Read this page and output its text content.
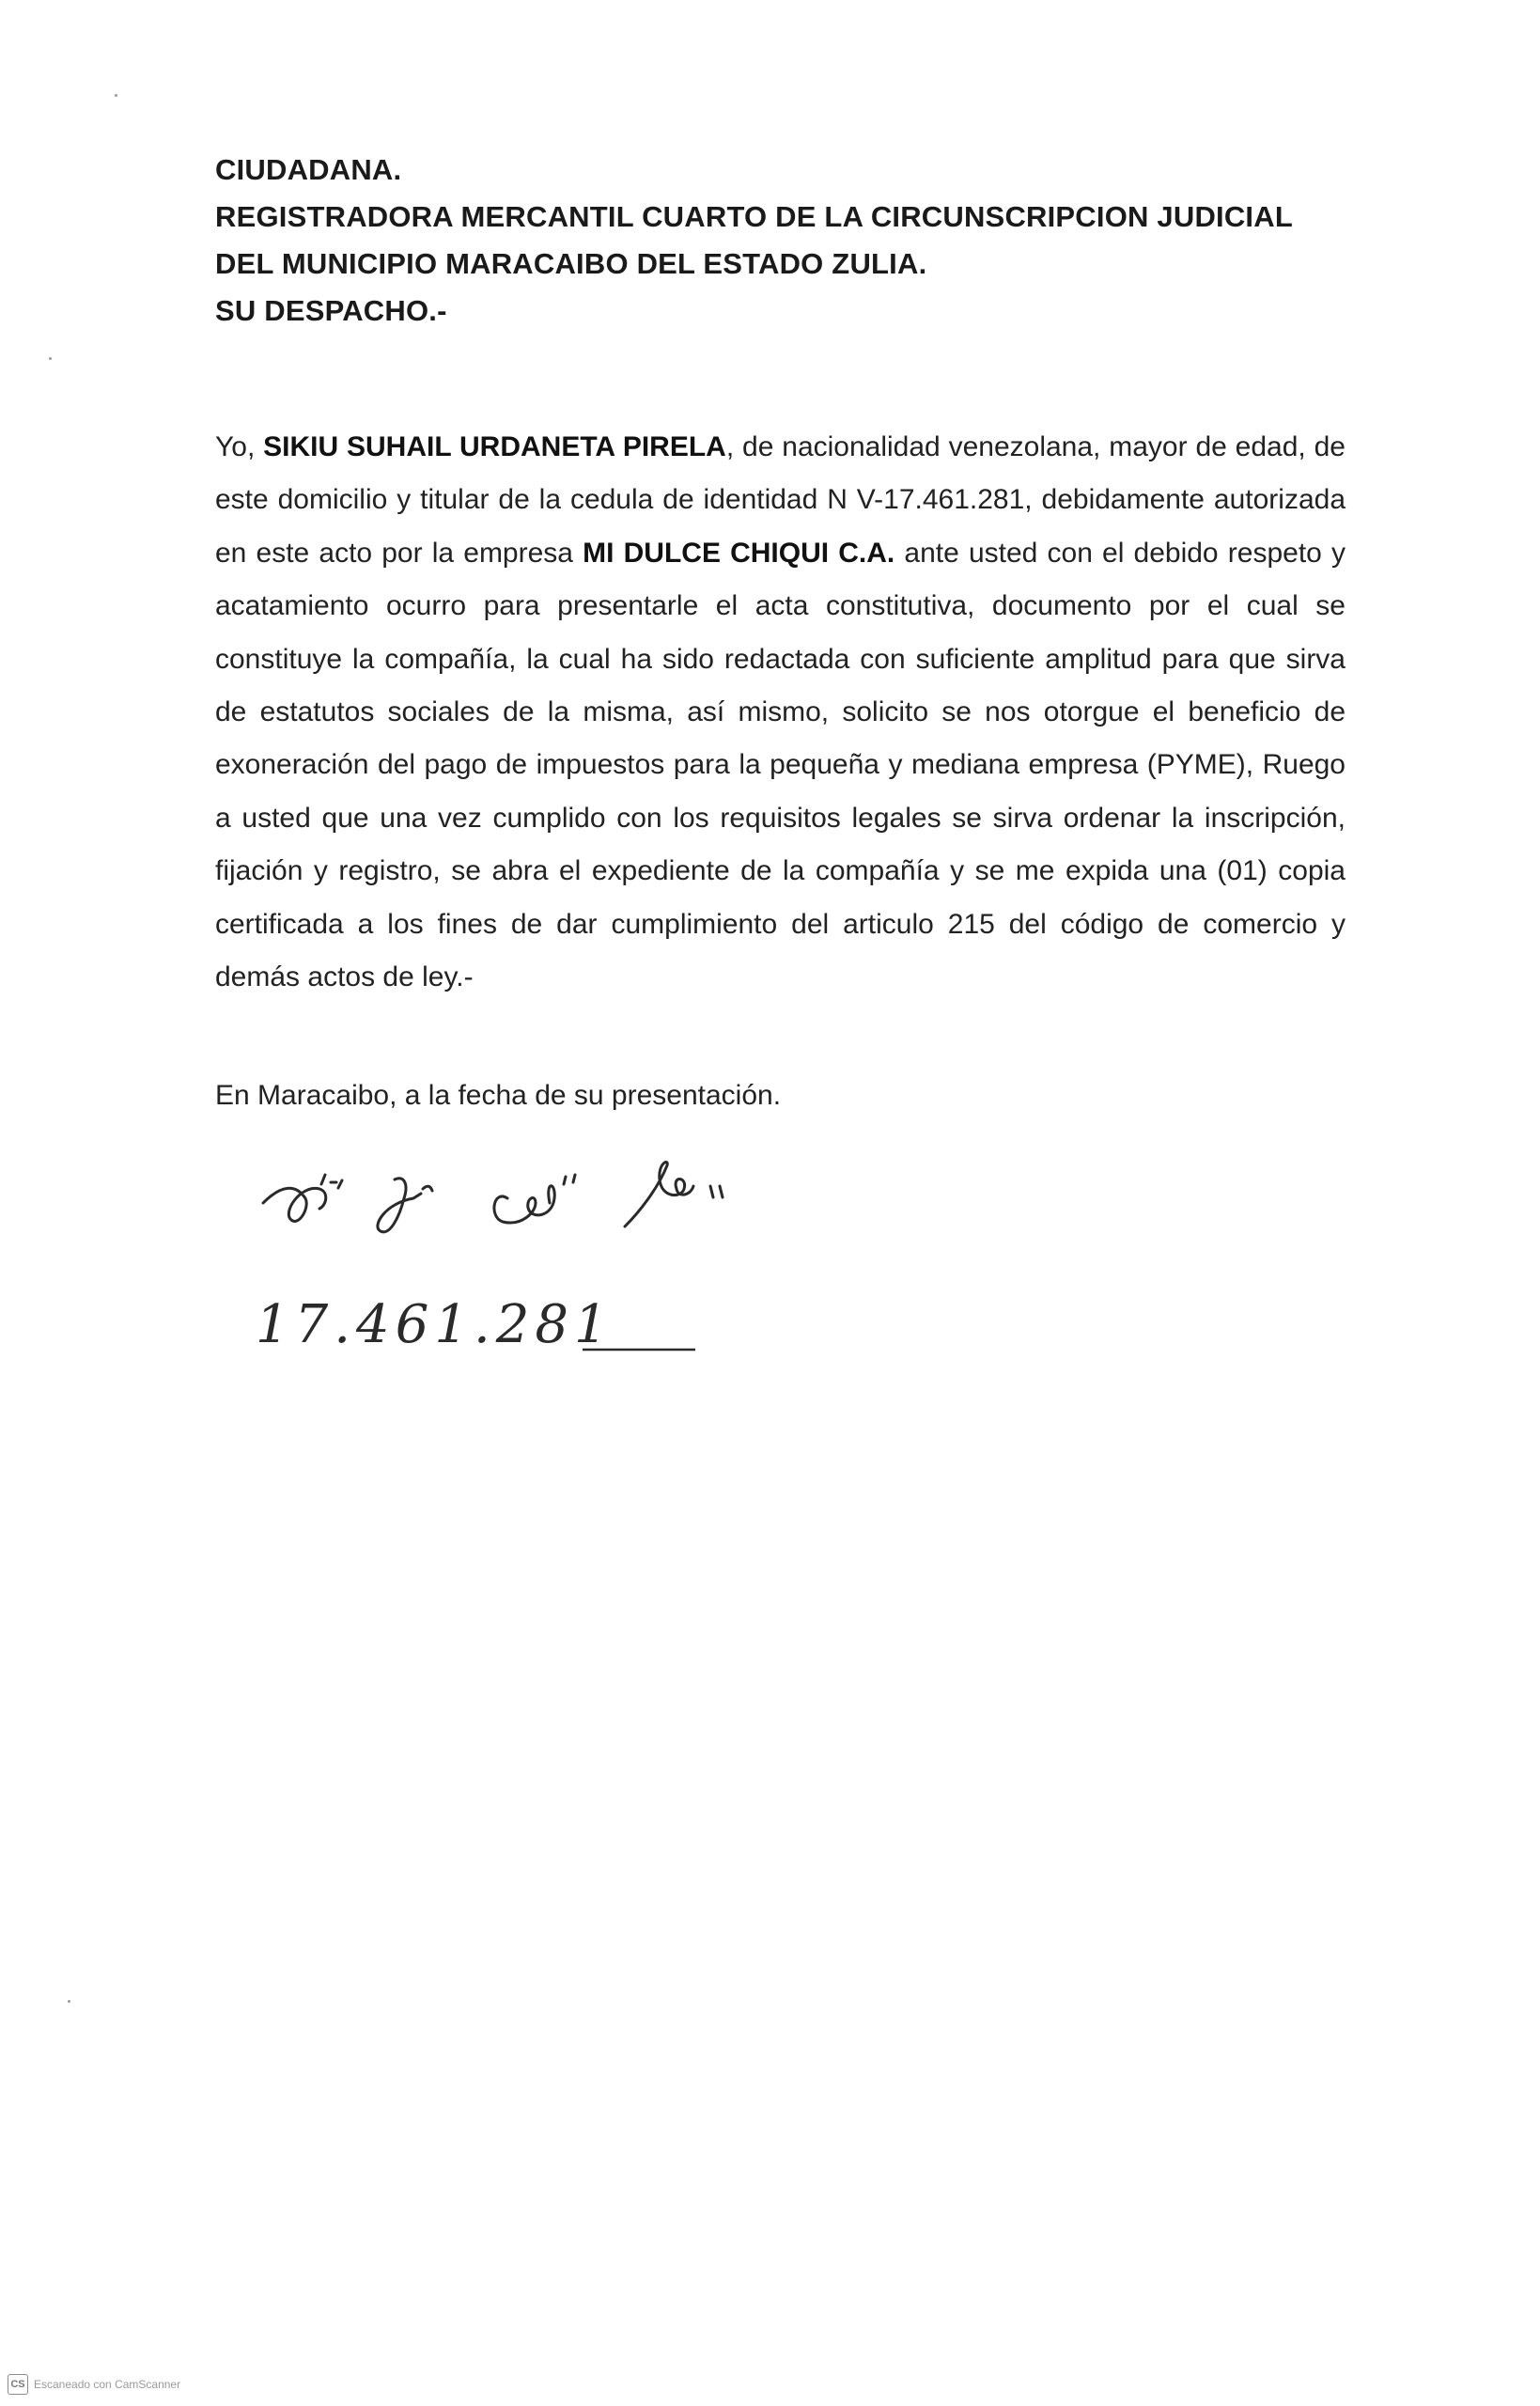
CIUDADANA.
REGISTRADORA MERCANTIL CUARTO DE LA CIRCUNSCRIPCION JUDICIAL
DEL MUNICIPIO MARACAIBO DEL ESTADO ZULIA.
SU DESPACHO.-
Yo, SIKIU SUHAIL URDANETA PIRELA, de nacionalidad venezolana, mayor de edad, de este domicilio y titular de la cedula de identidad N V-17.461.281, debidamente autorizada en este acto por la empresa MI DULCE CHIQUI C.A. ante usted con el debido respeto y acatamiento ocurro para presentarle el acta constitutiva, documento por el cual se constituye la compañía, la cual ha sido redactada con suficiente amplitud para que sirva de estatutos sociales de la misma, así mismo, solicito se nos otorgue el beneficio de exoneración del pago de impuestos para la pequeña y mediana empresa (PYME), Ruego a usted que una vez cumplido con los requisitos legales se sirva ordenar la inscripción, fijación y registro, se abra el expediente de la compañía y se me expida una (01) copia certificada a los fines de dar cumplimiento del articulo 215 del código de comercio y demás actos de ley.-
En Maracaibo, a la fecha de su presentación.
17.461.281
CS Escaneado con CamScanner
